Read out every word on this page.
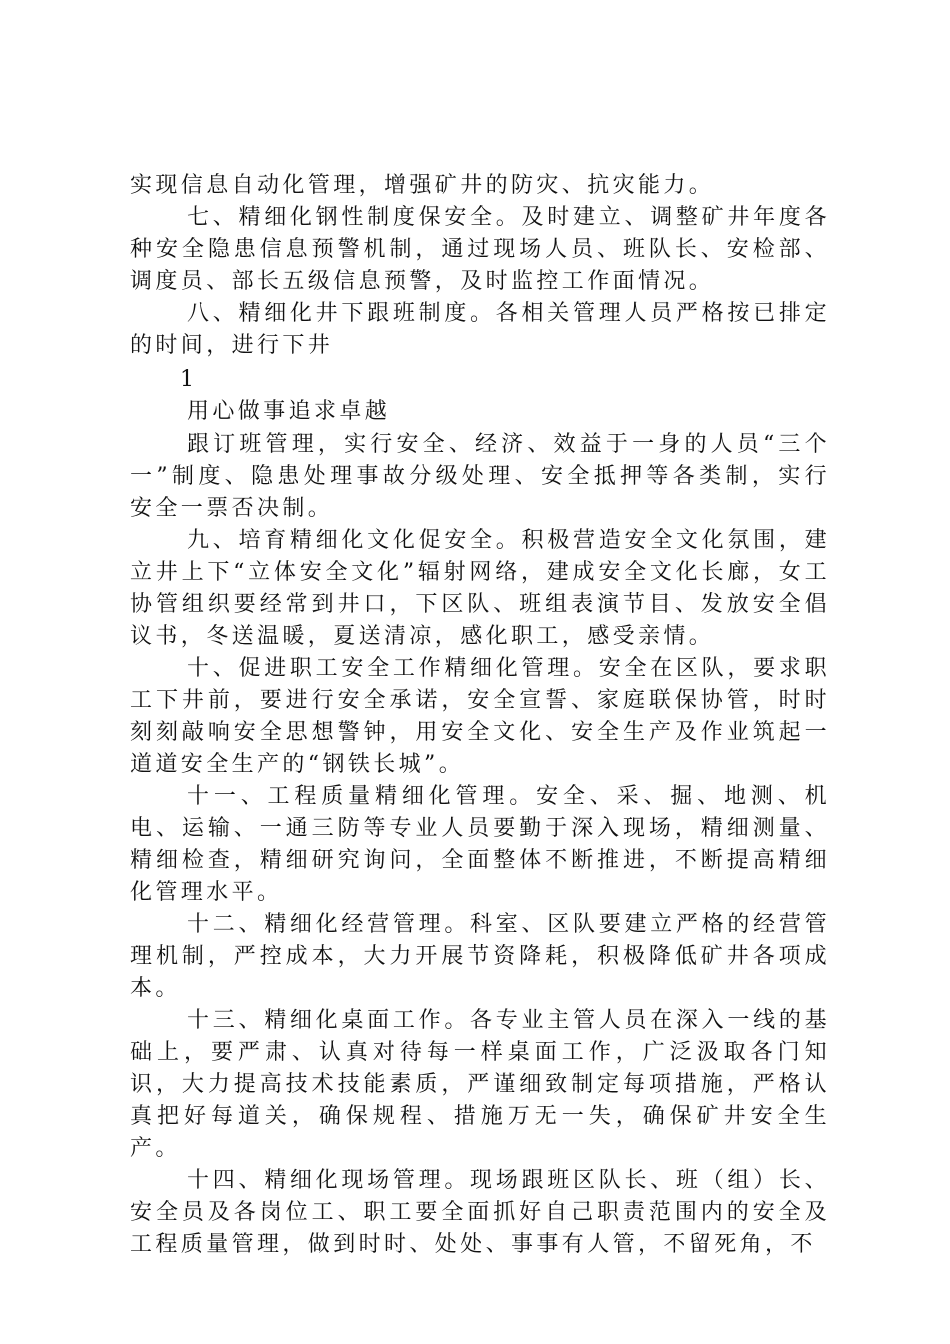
实现信息自动化管理，增强矿井的防灾、抗灾能力。

七、精细化钢性制度保安全。及时建立、调整矿井年度各种安全隐患信息预警机制，通过现场人员、班队长、安检部、调度员、部长五级信息预警，及时监控工作面情况。

八、精细化井下跟班制度。各相关管理人员严格按已排定的时间，进行下井

1

用心做事追求卓越

跟订班管理，实行安全、经济、效益于一身的人员“三个一”制度、隐患处理事故分级处理、安全抵押等各类制，实行安全一票否决制。

九、培育精细化文化促安全。积极营造安全文化氛围，建立井上下“立体安全文化”辐射网络，建成安全文化长廊，女工协管组织要经常到井口，下区队、班组表演节目、发放安全倡议书，冬送温暖，夏送清凉，感化职工，感受亲情。

十、促进职工安全工作精细化管理。安全在区队，要求职工下井前，要进行安全承诺，安全宣誓、家庭联保协管，时时刻刻敲响安全思想警钟，用安全文化、安全生产及作业筑起一道道安全生产的“钢铁长城”。

十一、工程质量精细化管理。安全、采、掘、地测、机电、运输、一通三防等专业人员要勤于深入现场，精细测量、精细检查，精细研究询问，全面整体不断推进，不断提高精细化管理水平。

十二、精细化经营管理。科室、区队要建立严格的经营管理机制，严控成本，大力开展节资降耗，积极降低矿井各项成本。

十三、精细化桌面工作。各专业主管人员在深入一线的基础上，要严肃、认真对待每一样桌面工作，广泛汲取各门知识，大力提高技术技能素质，严谨细致制定每项措施，严格认真把好每道关，确保规程、措施万无一失，确保矿井安全生产。

十四、精细化现场管理。现场跟班区队长、班（组）长、安全员及各岗位工、职工要全面抓好自己职责范围内的安全及工程质量管理，做到时时、处处、事事有人管，不留死角，不
